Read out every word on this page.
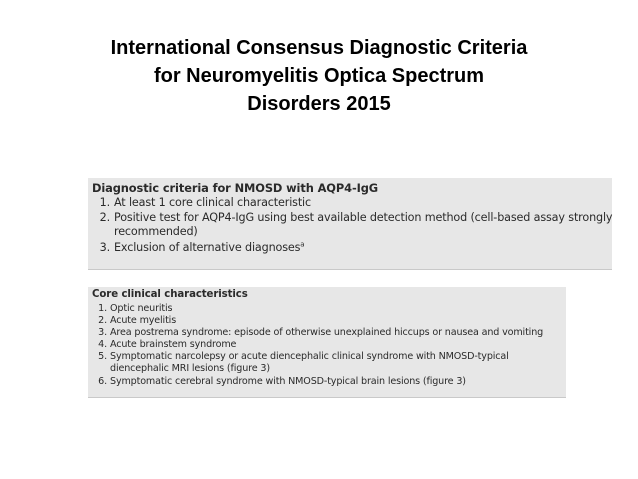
International Consensus Diagnostic Criteria
for Neuromyelitis Optica Spectrum
Disorders 2015
Diagnostic criteria for NMOSD with AQP4-IgG
1. At least 1 core clinical characteristic
2. Positive test for AQP4-IgG using best available detection method (cell-based assay strongly
recommended)
3. Exclusion of alternative diagnoses$^a$
Core clinical characteristics
1. Optic neuritis
2. Acute myelitis
3. Area postrema syndrome: episode of otherwise unexplained hiccups or nausea and vomiting
4. Acute brainstem syndrome
5. Symptomatic narcolepsy or acute diencephalic clinical syndrome with NMOSD-typical
diencephalic MRI lesions (figure 3)
6. Symptomatic cerebral syndrome with NMOSD-typical brain lesions (figure 3)
